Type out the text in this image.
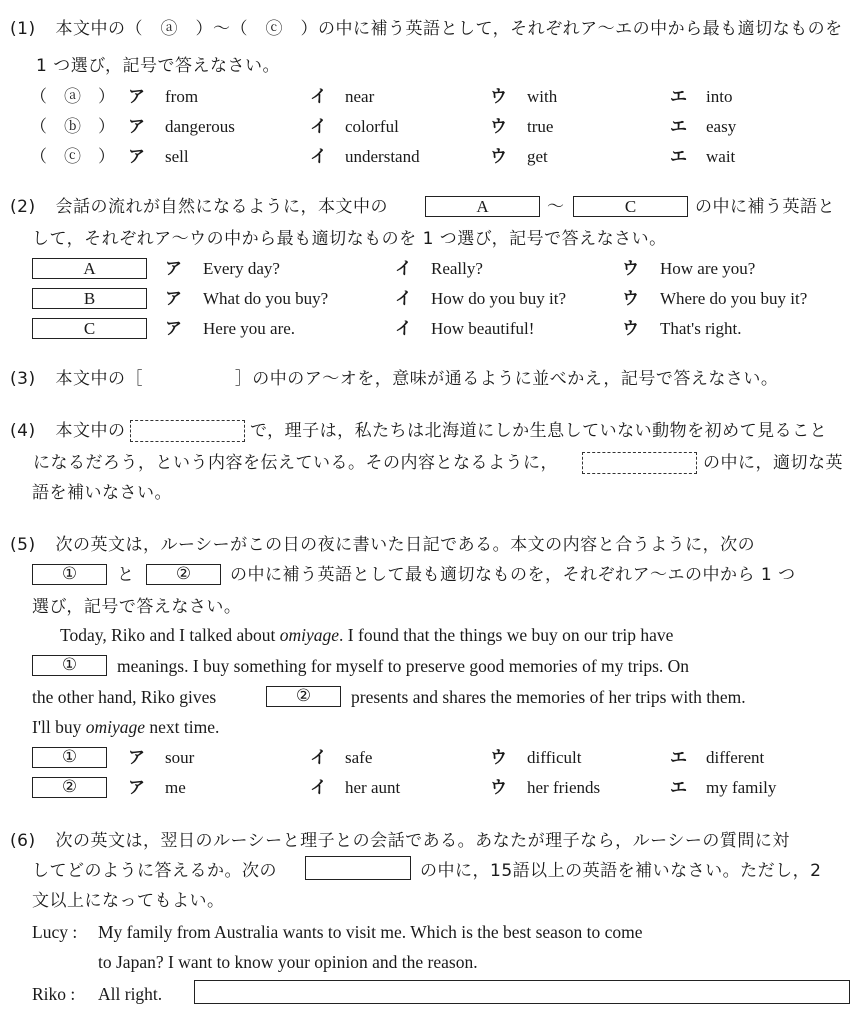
(1) 本文中の（　ⓐ　）～（　ⓒ　）の中に補う英語として，それぞれア～エの中から最も適切なものを
1 つ選び，記号で答えなさい。
（　ⓐ　） ア from	イ near	ウ with	エ into
（　ⓑ　） ア dangerous	イ colorful	ウ true	エ easy
（　ⓒ　） ア sell	イ understand	ウ get	エ wait
(2) 会話の流れが自然になるように，本文中の	A	～	C	の中に補う英語と
して，それぞれア～ウの中から最も適切なものを 1 つ選び，記号で答えなさい。
A	ア Every day?	イ Really?	ウ How are you?
B	ア What do you buy?	イ How do you buy it?	ウ Where do you buy it?
C	ア Here you are.	イ How beautiful!	ウ That's right.
(3) 本文中の［	］の中のア～オを，意味が通るように並べかえ，記号で答えなさい。
(4) 本文中の	で，理子は，私たちは北海道にしか生息していない動物を初めて見ること
になるだろう，という内容を伝えている。その内容となるように，	の中に，適切な英
語を補いなさい。
(5) 次の英文は，ルーシーがこの日の夜に書いた日記である。本文の内容と合うように，次の
①	と	②	の中に補う英語として最も適切なものを，それぞれア～エの中から 1 つ
選び，記号で答えなさい。
Today, Riko and I talked about omiyage. I found that the things we buy on our trip have
①	meanings. I buy something for myself to preserve good memories of my trips. On
the other hand, Riko gives	②	presents and shares the memories of her trips with them.
I'll buy omiyage next time.
①	ア sour	イ safe	ウ difficult	エ different
②	ア me	イ her aunt	ウ her friends	エ my family
(6) 次の英文は，翌日のルーシーと理子との会話である。あなたが理子なら，ルーシーの質問に対
してどのように答えるか。次の	の中に，15語以上の英語を補いなさい。ただし，2
文以上になってもよい。
Lucy : My family from Australia wants to visit me. Which is the best season to come
to Japan? I want to know your opinion and the reason.
Riko : All right.
